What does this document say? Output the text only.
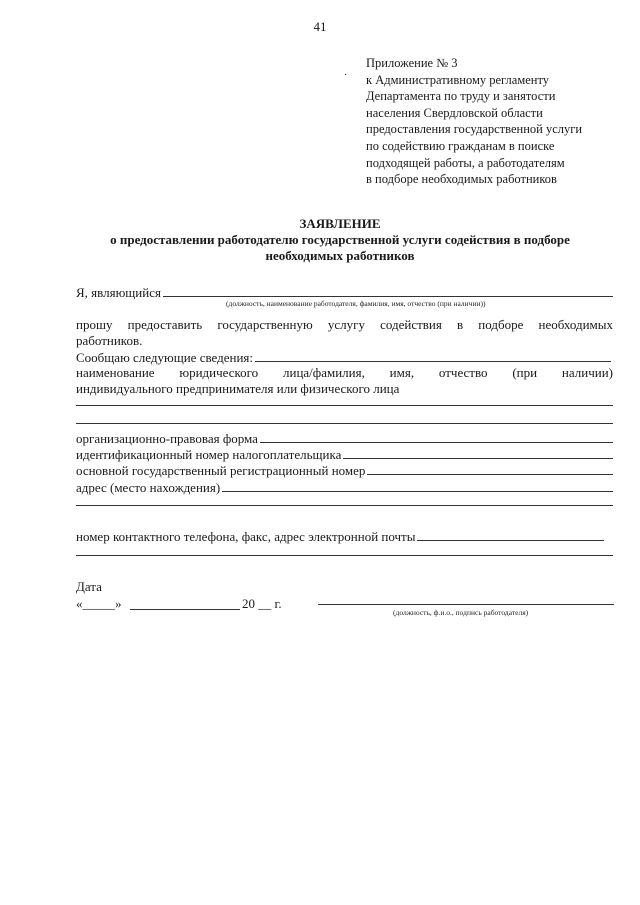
41
·
Приложение № 3
к Административному регламенту
Департамента по труду и занятости
населения Свердловской области
предоставления государственной услуги
по содействию гражданам в поиске
подходящей работы, а работодателям
в подборе необходимых работников
ЗАЯВЛЕНИЕ
о предоставлении работодателю государственной услуги содействия в подборе
необходимых работников
Я, являющийся
(должность, наименование работодателя, фамилия, имя, отчество (при наличии))
прошу предоставить государственную услугу содействия в подборе необходимых
работников.
Сообщаю следующие сведения:
наименование юридического лица/фамилия, имя, отчество (при наличии)
индивидуального предпринимателя или физического лица
организационно-правовая форма
идентификационный номер налогоплательщика
основной государственный регистрационный номер
адрес (место нахождения)
номер контактного телефона, факс, адрес электронной почты
Дата
«_____»	20 __ г.
(должность, ф.и.о., подпись работодателя)
